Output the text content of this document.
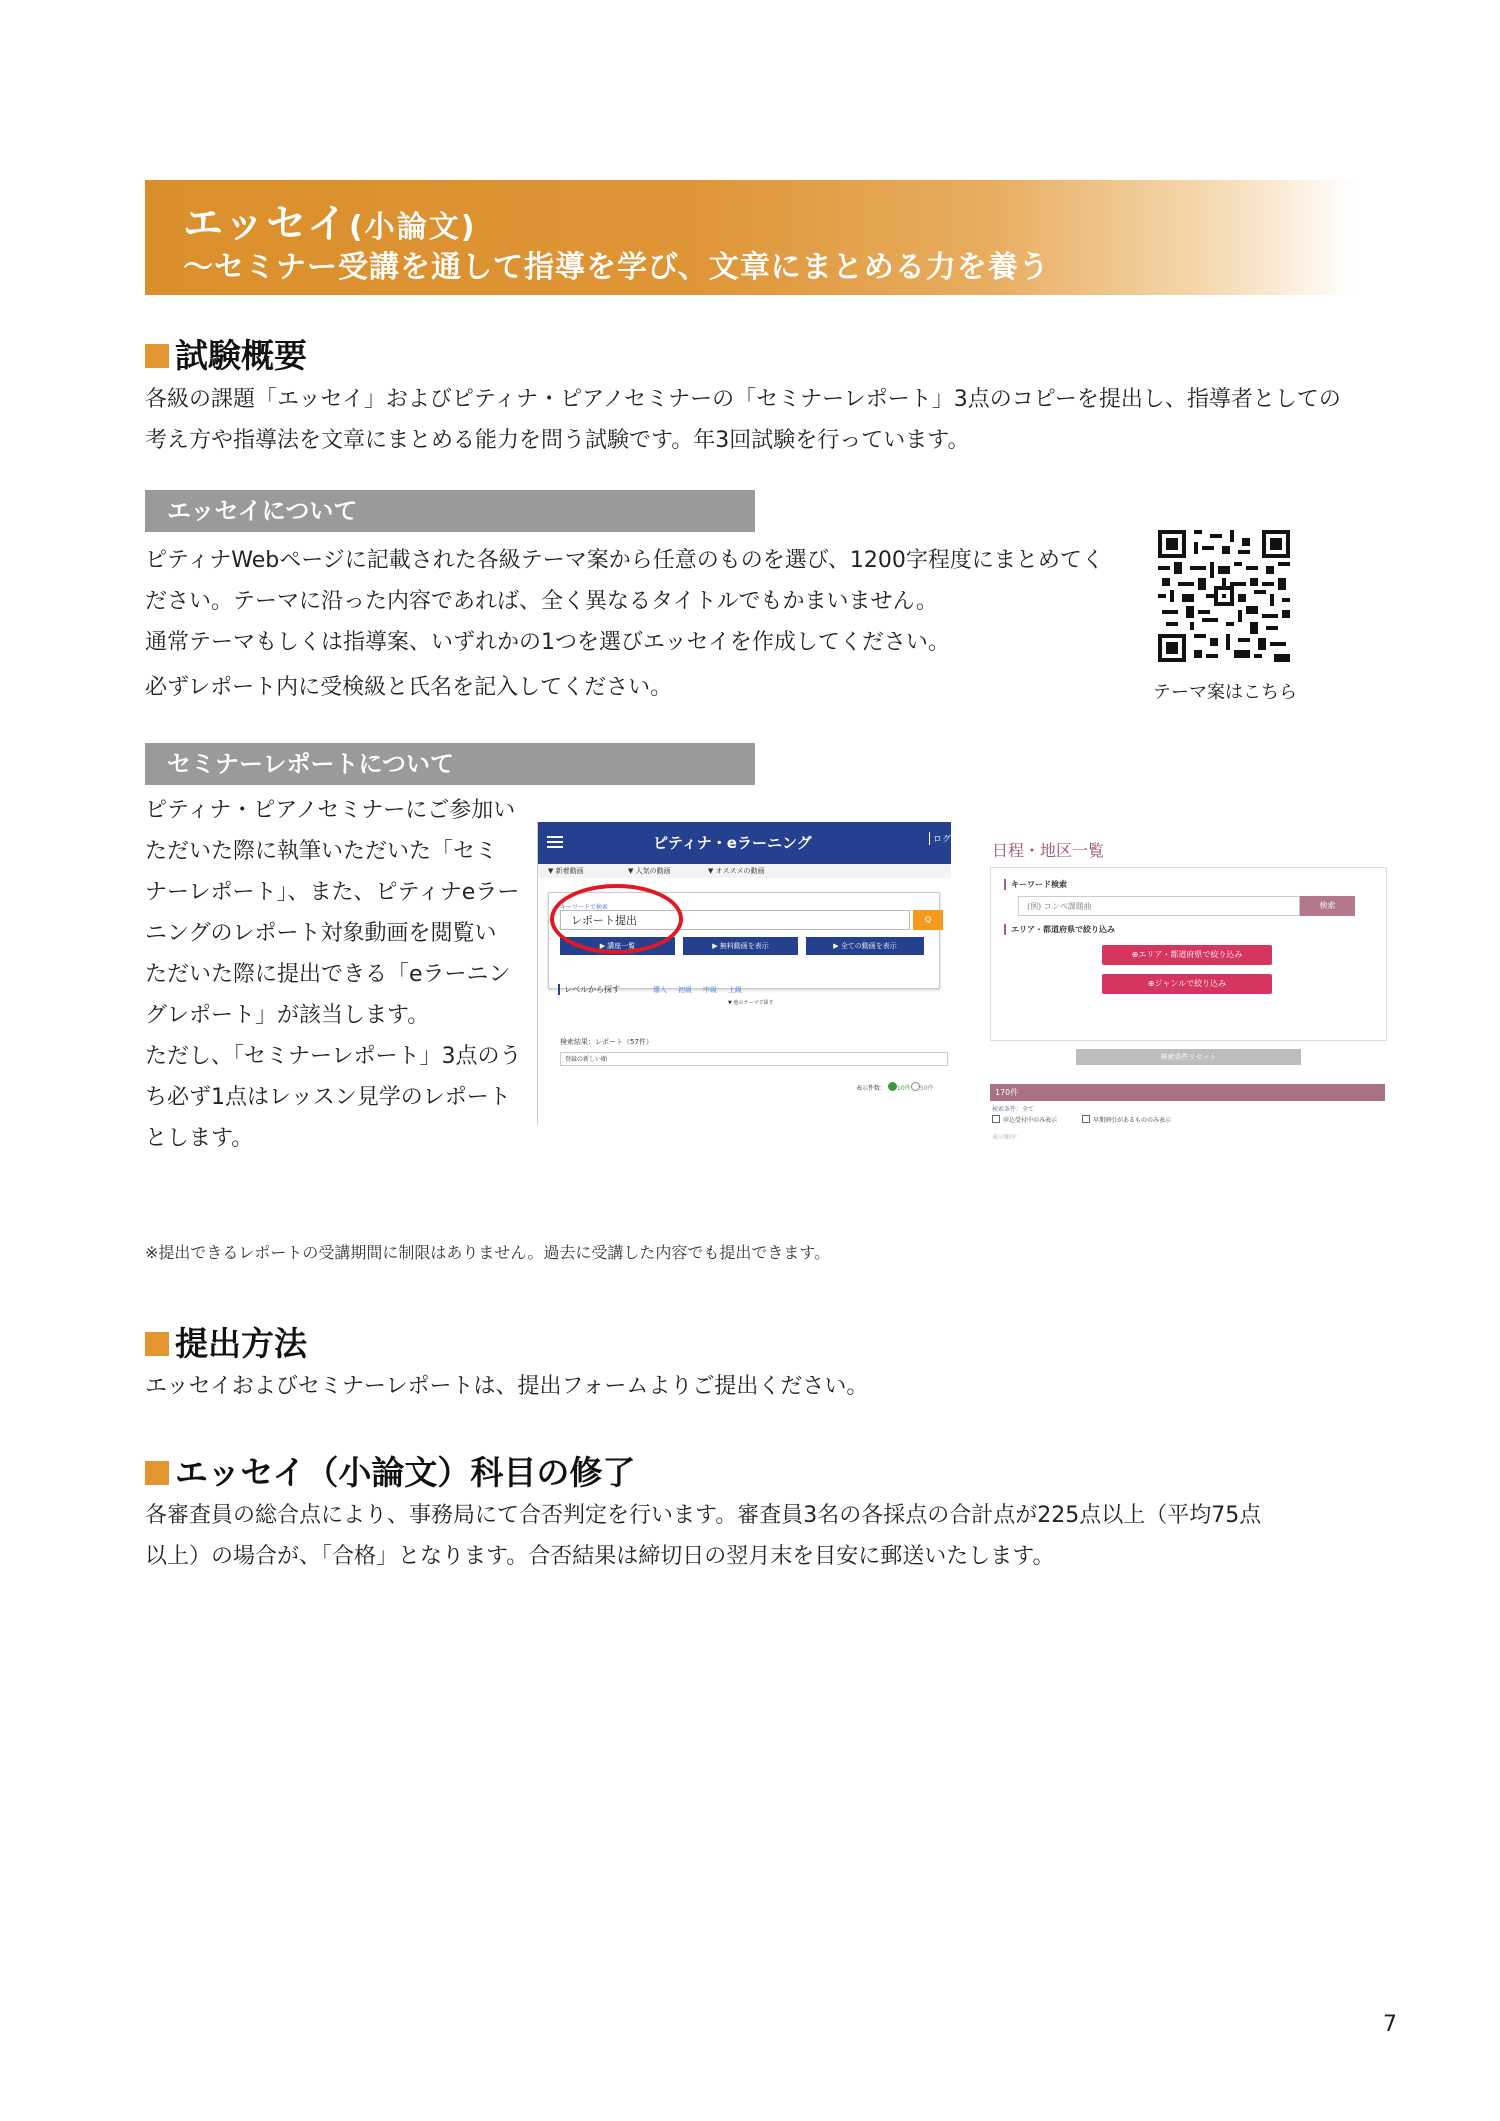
エッセイ(小論文)
〜セミナー受講を通して指導を学び、文章にまとめる力を養う
試験概要
各級の課題「エッセイ」およびピティナ・ピアノセミナーの「セミナーレポート」3点のコピーを提出し、指導者としての
考え方や指導法を文章にまとめる能力を問う試験です。年3回試験を行っています。
エッセイについて
ピティナWebページに記載された各級テーマ案から任意のものを選び、1200字程度にまとめてく
ださい。テーマに沿った内容であれば、全く異なるタイトルでもかまいません。
通常テーマもしくは指導案、いずれかの1つを選びエッセイを作成してください。
必ずレポート内に受検級と氏名を記入してください。	テーマ案はこちら
セミナーレポートについて
ピティナ・ピアノセミナーにご参加い
ただいた際に執筆いただいた「セミ
ナーレポート」、また、ピティナeラー
ニングのレポート対象動画を閲覧い
ただいた際に提出できる「eラーニン
グレポート」が該当します。
ただし、「セミナーレポート」3点のう
ち必ず1点はレッスン見学のレポート
とします。
ピティナ・eラーニング	ログイン
▼ 新着動画	▼ 人気の動画	▼ オススメの動画
キーワードで検索
レポート提出	Q
▶ 講座一覧	▶ 無料動画を表示	▶ 全ての動画を表示
レベルから探す	導入 初級 中級 上級
▼ 他のテーマで探す
検索結果：レポート（57件）
登録の新しい順
表示件数： 10件 50件
日程・地区一覧
キーワード検索
(例) コンペ課題曲	検索
エリア・都道府県で絞り込み
⊕エリア・都道府県で絞り込み
⊕ジャンルで絞り込み
検索条件リセット
170件
検索条件：全て
申込受付中のみ表示	早期割引があるもののみ表示
表示順序：
※提出できるレポートの受講期間に制限はありません。過去に受講した内容でも提出できます。
提出方法
エッセイおよびセミナーレポートは、提出フォームよりご提出ください。
エッセイ（小論文）科目の修了
各審査員の総合点により、事務局にて合否判定を行います。審査員3名の各採点の合計点が225点以上（平均75点
以上）の場合が、「合格」となります。合否結果は締切日の翌月末を目安に郵送いたします。
7
